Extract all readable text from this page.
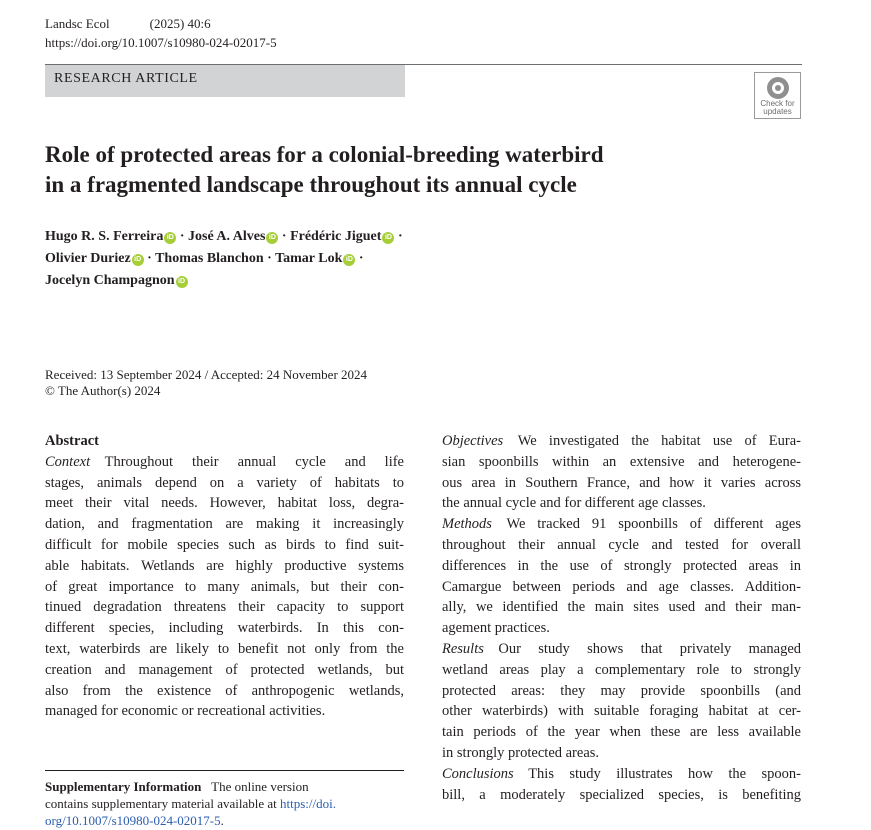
Landsc Ecol	(2025) 40:6
https://doi.org/10.1007/s10980-024-02017-5
RESEARCH ARTICLE
Check for
updates
Role of protected areas for a colonial-breeding waterbird
in a fragmented landscape throughout its annual cycle
Hugo R. S. Ferreira iD · José A. Alves iD · Frédéric Jiguet iD ·
Olivier Duriez iD · Thomas Blanchon · Tamar Lok iD ·
Jocelyn Champagnon iD
Received: 13 September 2024 / Accepted: 24 November 2024
© The Author(s) 2024
Abstract
Context  Throughout their annual cycle and life
stages, animals depend on a variety of habitats to
meet their vital needs. However, habitat loss, degra-
dation, and fragmentation are making it increasingly
difficult for mobile species such as birds to find suit-
able habitats. Wetlands are highly productive systems
of great importance to many animals, but their con-
tinued degradation threatens their capacity to support
different species, including waterbirds. In this con-
text, waterbirds are likely to benefit not only from the
creation and management of protected wetlands, but
also from the existence of anthropogenic wetlands,
managed for economic or recreational activities.
Objectives  We investigated the habitat use of Eura-
sian spoonbills within an extensive and heterogene-
ous area in Southern France, and how it varies across
the annual cycle and for different age classes.
Methods  We tracked 91 spoonbills of different ages
throughout their annual cycle and tested for overall
differences in the use of strongly protected areas in
Camargue between periods and age classes. Addition-
ally, we identified the main sites used and their man-
agement practices.
Results  Our study shows that privately managed
wetland areas play a complementary role to strongly
protected areas: they may provide spoonbills (and
other waterbirds) with suitable foraging habitat at cer-
tain periods of the year when these are less available
in strongly protected areas.
Conclusions  This study illustrates how the spoon-
bill, a moderately specialized species, is benefiting
Supplementary Information The online version
contains supplementary material available at https://doi.
org/10.1007/s10980-024-02017-5.
